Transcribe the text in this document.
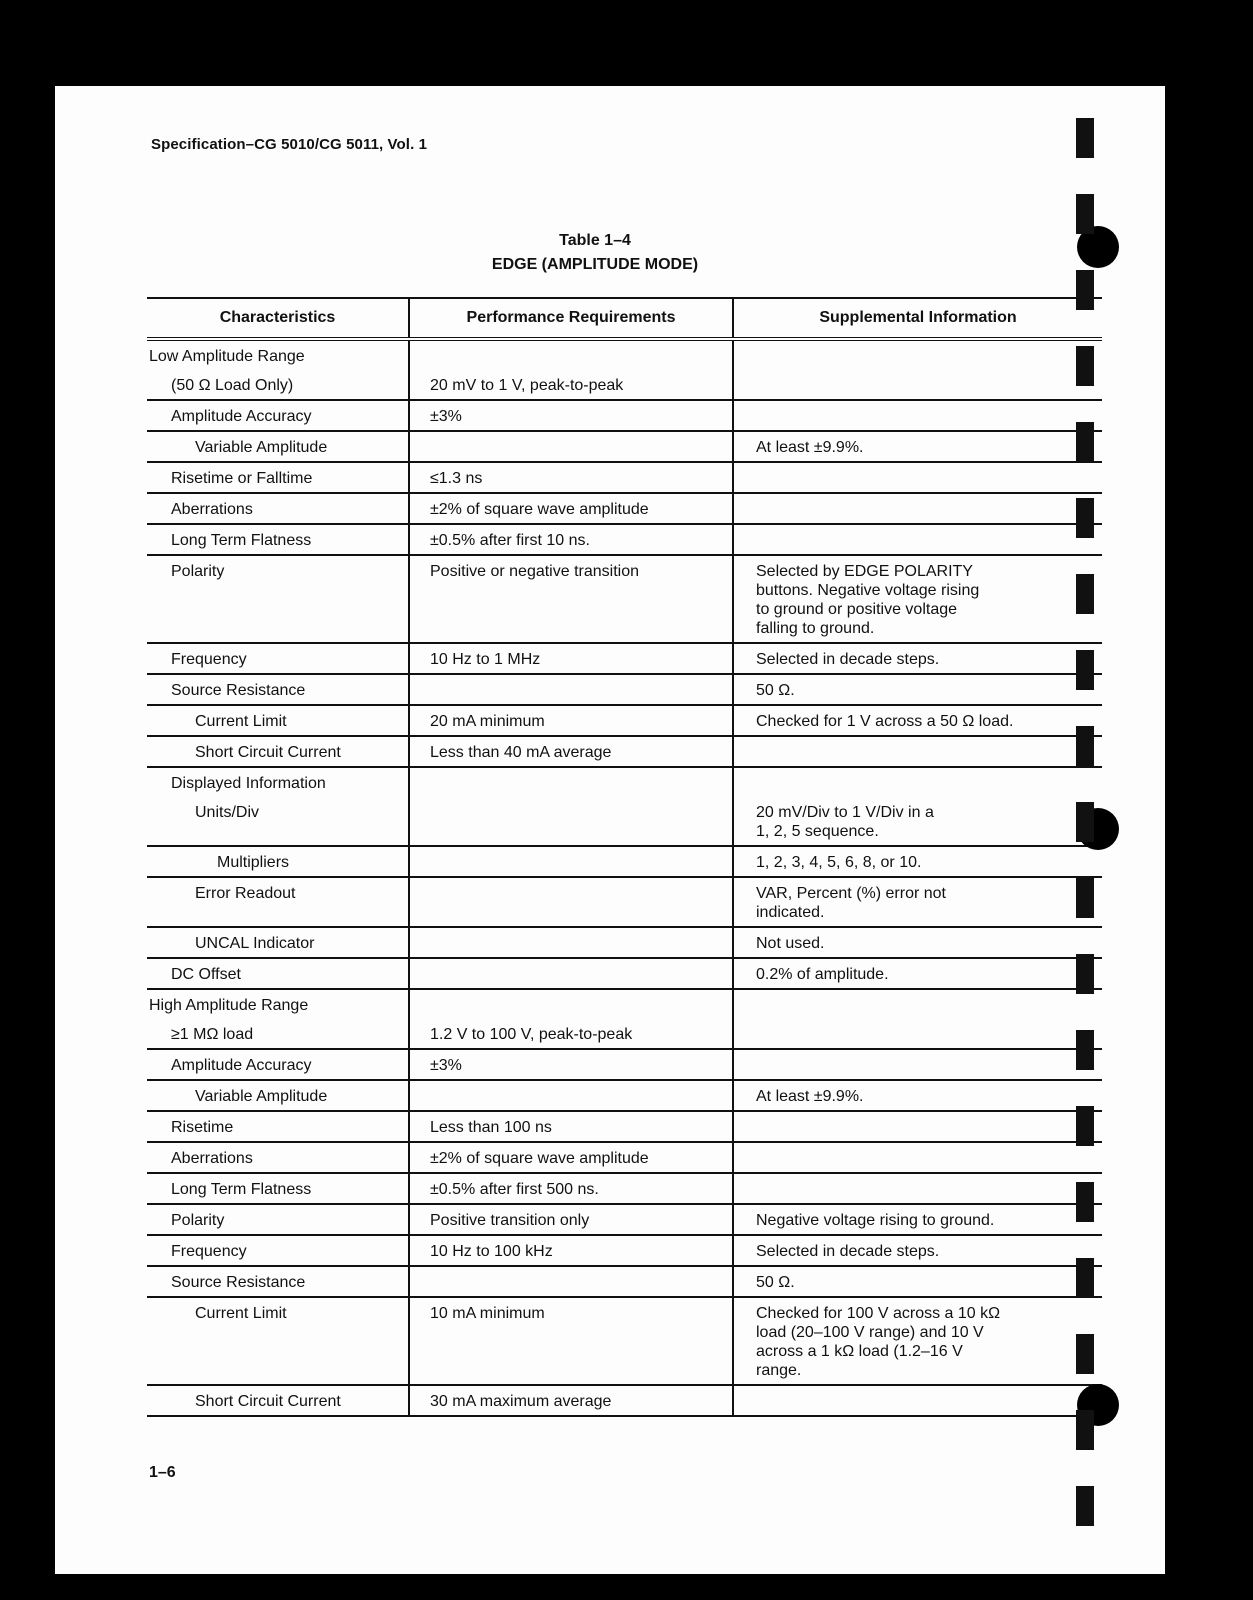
Specification–CG 5010/CG 5011, Vol. 1
Table 1–4
EDGE (AMPLITUDE MODE)
Characteristics	Performance Requirements	Supplemental Information
Low Amplitude Range		
(50 Ω Load Only)	20 mV to 1 V, peak-to-peak	
Amplitude Accuracy	±3%	
Variable Amplitude		At least ±9.9%.
Risetime or Falltime	≤1.3 ns	
Aberrations	±2% of square wave amplitude	
Long Term Flatness	±0.5% after first 10 ns.	
Polarity	Positive or negative transition	Selected by EDGE POLARITY
buttons. Negative voltage rising
to ground or positive voltage
falling to ground.
Frequency	10 Hz to 1 MHz	Selected in decade steps.
Source Resistance		50 Ω.
Current Limit	20 mA minimum	Checked for 1 V across a 50 Ω load.
Short Circuit Current	Less than 40 mA average	
Displayed Information		
Units/Div		20 mV/Div to 1 V/Div in a
1, 2, 5 sequence.
Multipliers		1, 2, 3, 4, 5, 6, 8, or 10.
Error Readout		VAR, Percent (%) error not
indicated.
UNCAL Indicator		Not used.
DC Offset		0.2% of amplitude.
High Amplitude Range		
≥1 MΩ load	1.2 V to 100 V, peak-to-peak	
Amplitude Accuracy	±3%	
Variable Amplitude		At least ±9.9%.
Risetime	Less than 100 ns	
Aberrations	±2% of square wave amplitude	
Long Term Flatness	±0.5% after first 500 ns.	
Polarity	Positive transition only	Negative voltage rising to ground.
Frequency	10 Hz to 100 kHz	Selected in decade steps.
Source Resistance		50 Ω.
Current Limit	10 mA minimum	Checked for 100 V across a 10 kΩ
load (20–100 V range) and 10 V
across a 1 kΩ load (1.2–16 V
range.
Short Circuit Current	30 mA maximum average	
1–6
